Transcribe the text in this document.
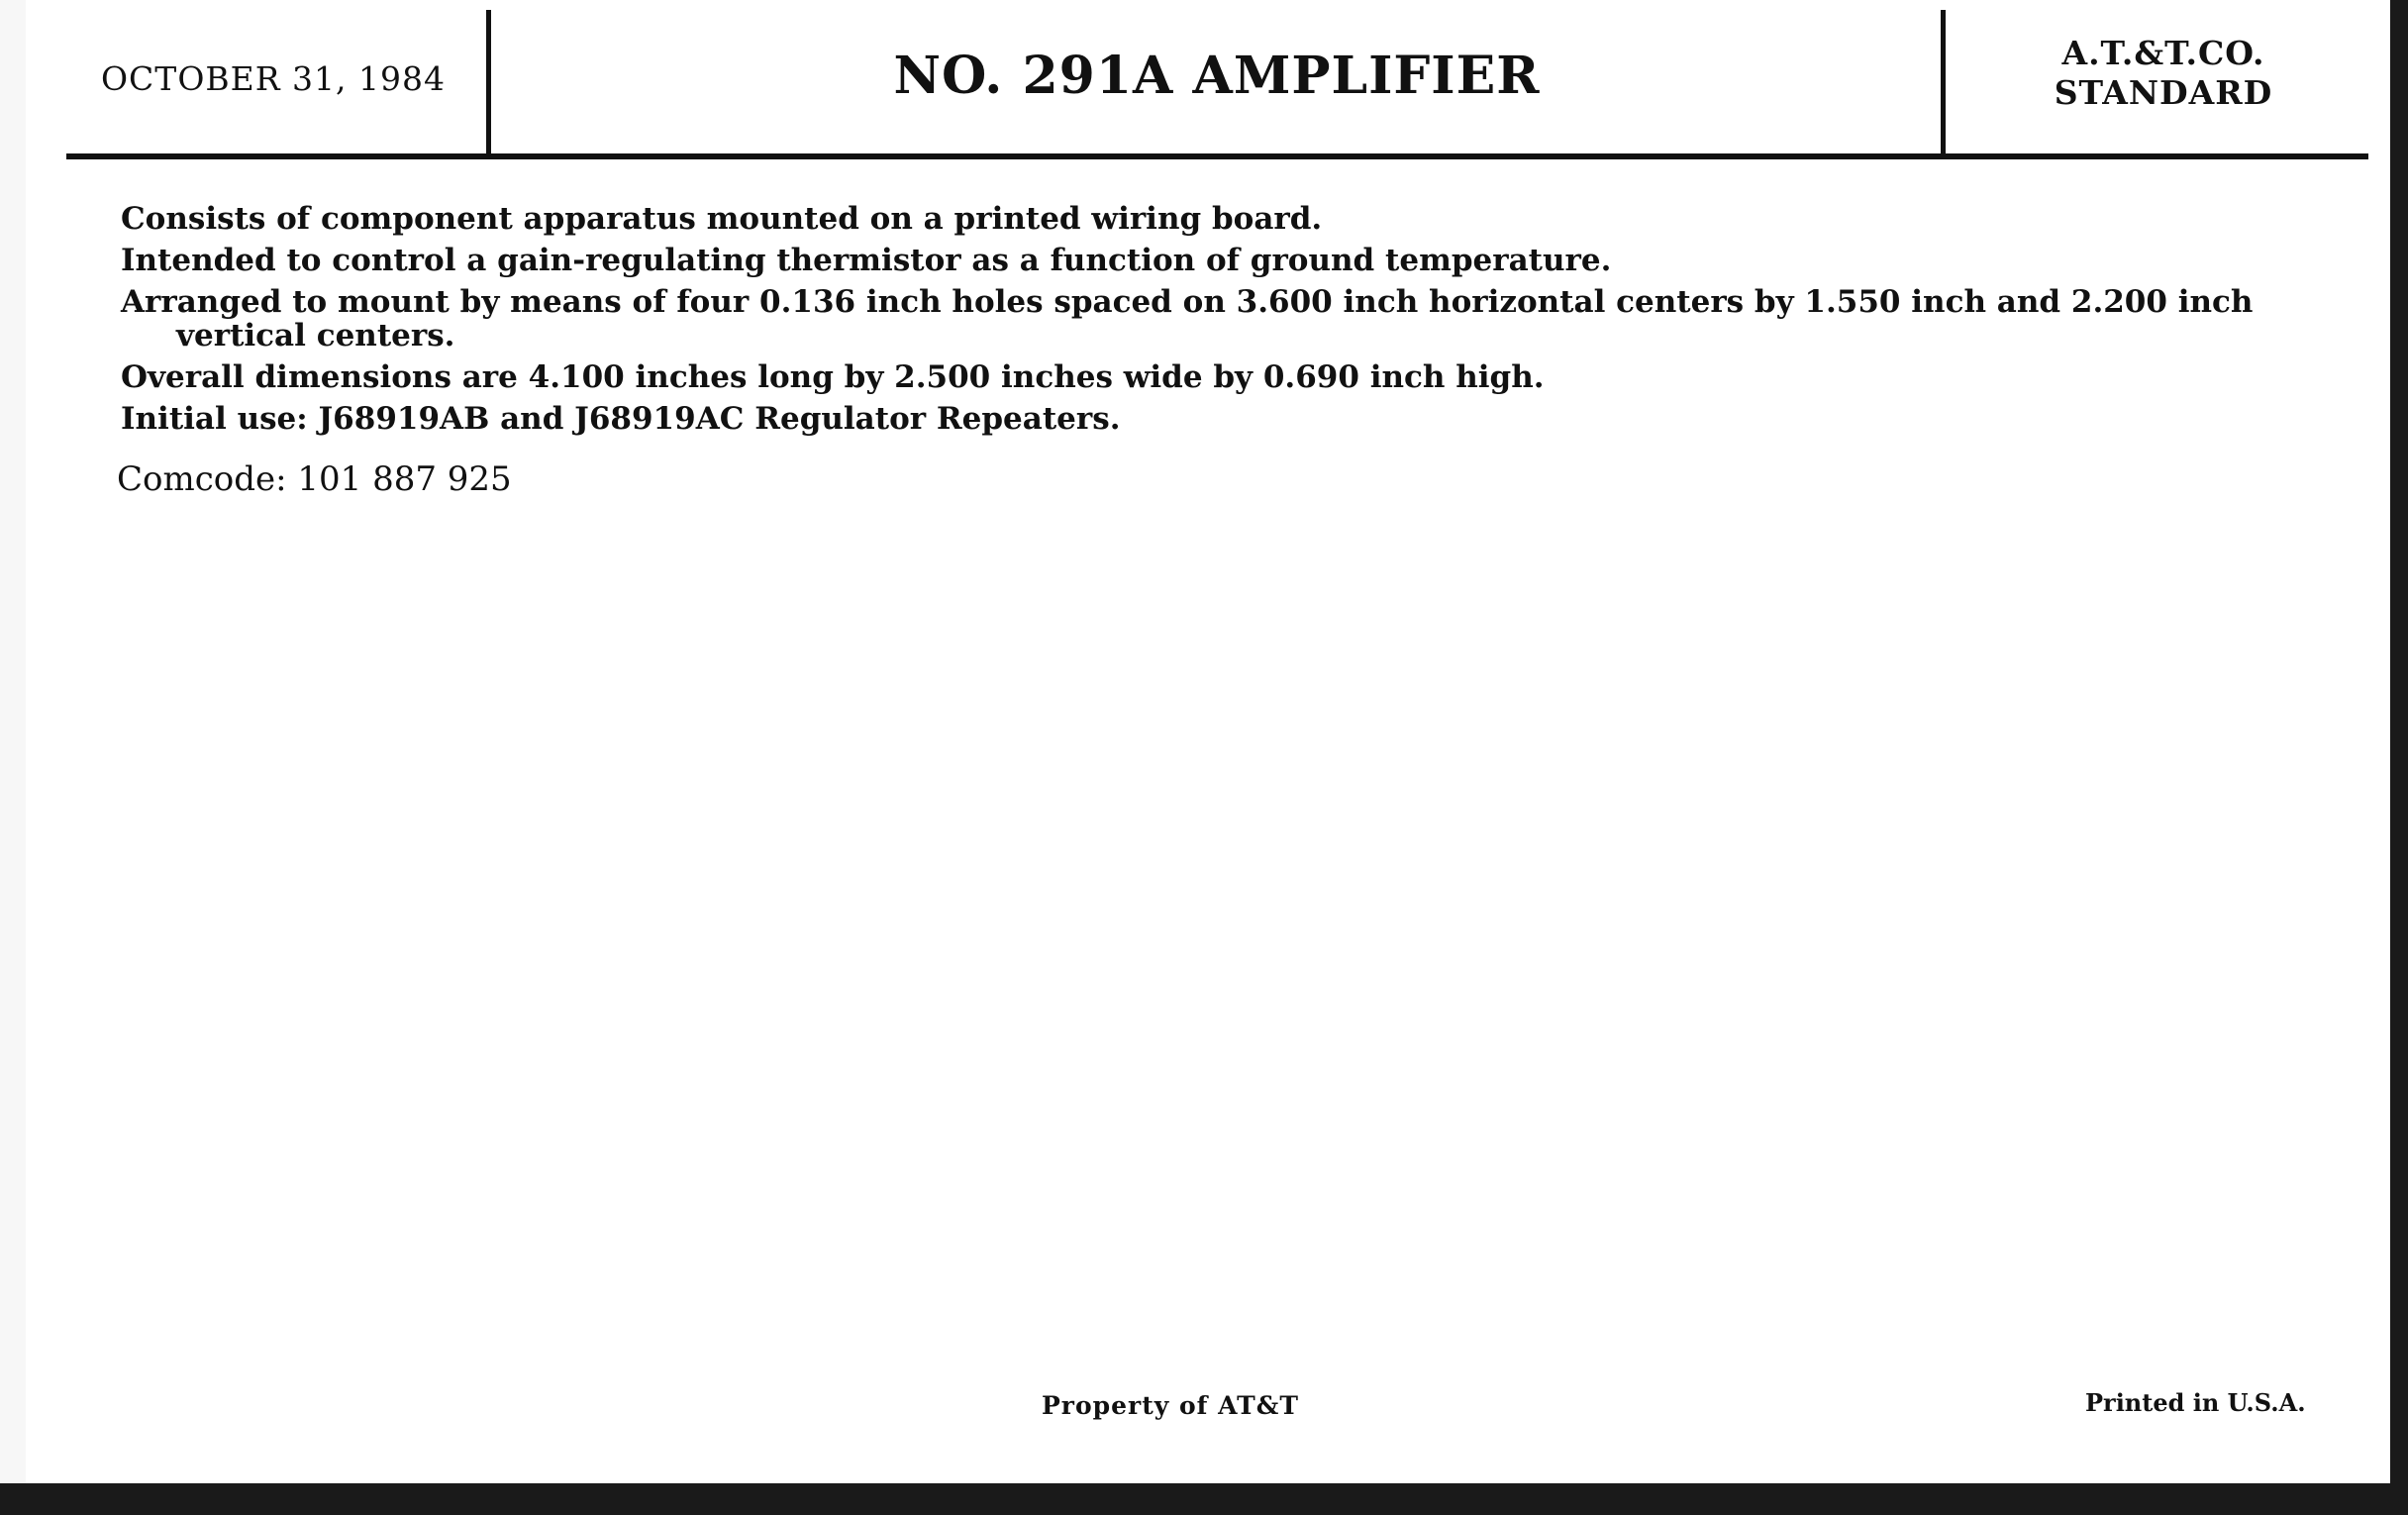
OCTOBER 31, 1984	NO. 291A AMPLIFIER	A.T.&T.CO.
STANDARD
Consists of component apparatus mounted on a printed wiring board.
Intended to control a gain-regulating thermistor as a function of ground temperature.
Arranged to mount by means of four 0.136 inch holes spaced on 3.600 inch horizontal centers by 1.550 inch and 2.200 inch vertical centers.
Overall dimensions are 4.100 inches long by 2.500 inches wide by 0.690 inch high.
Initial use: J68919AB and J68919AC Regulator Repeaters.
Comcode: 101 887 925
Property of AT&T	Printed in U.S.A.
